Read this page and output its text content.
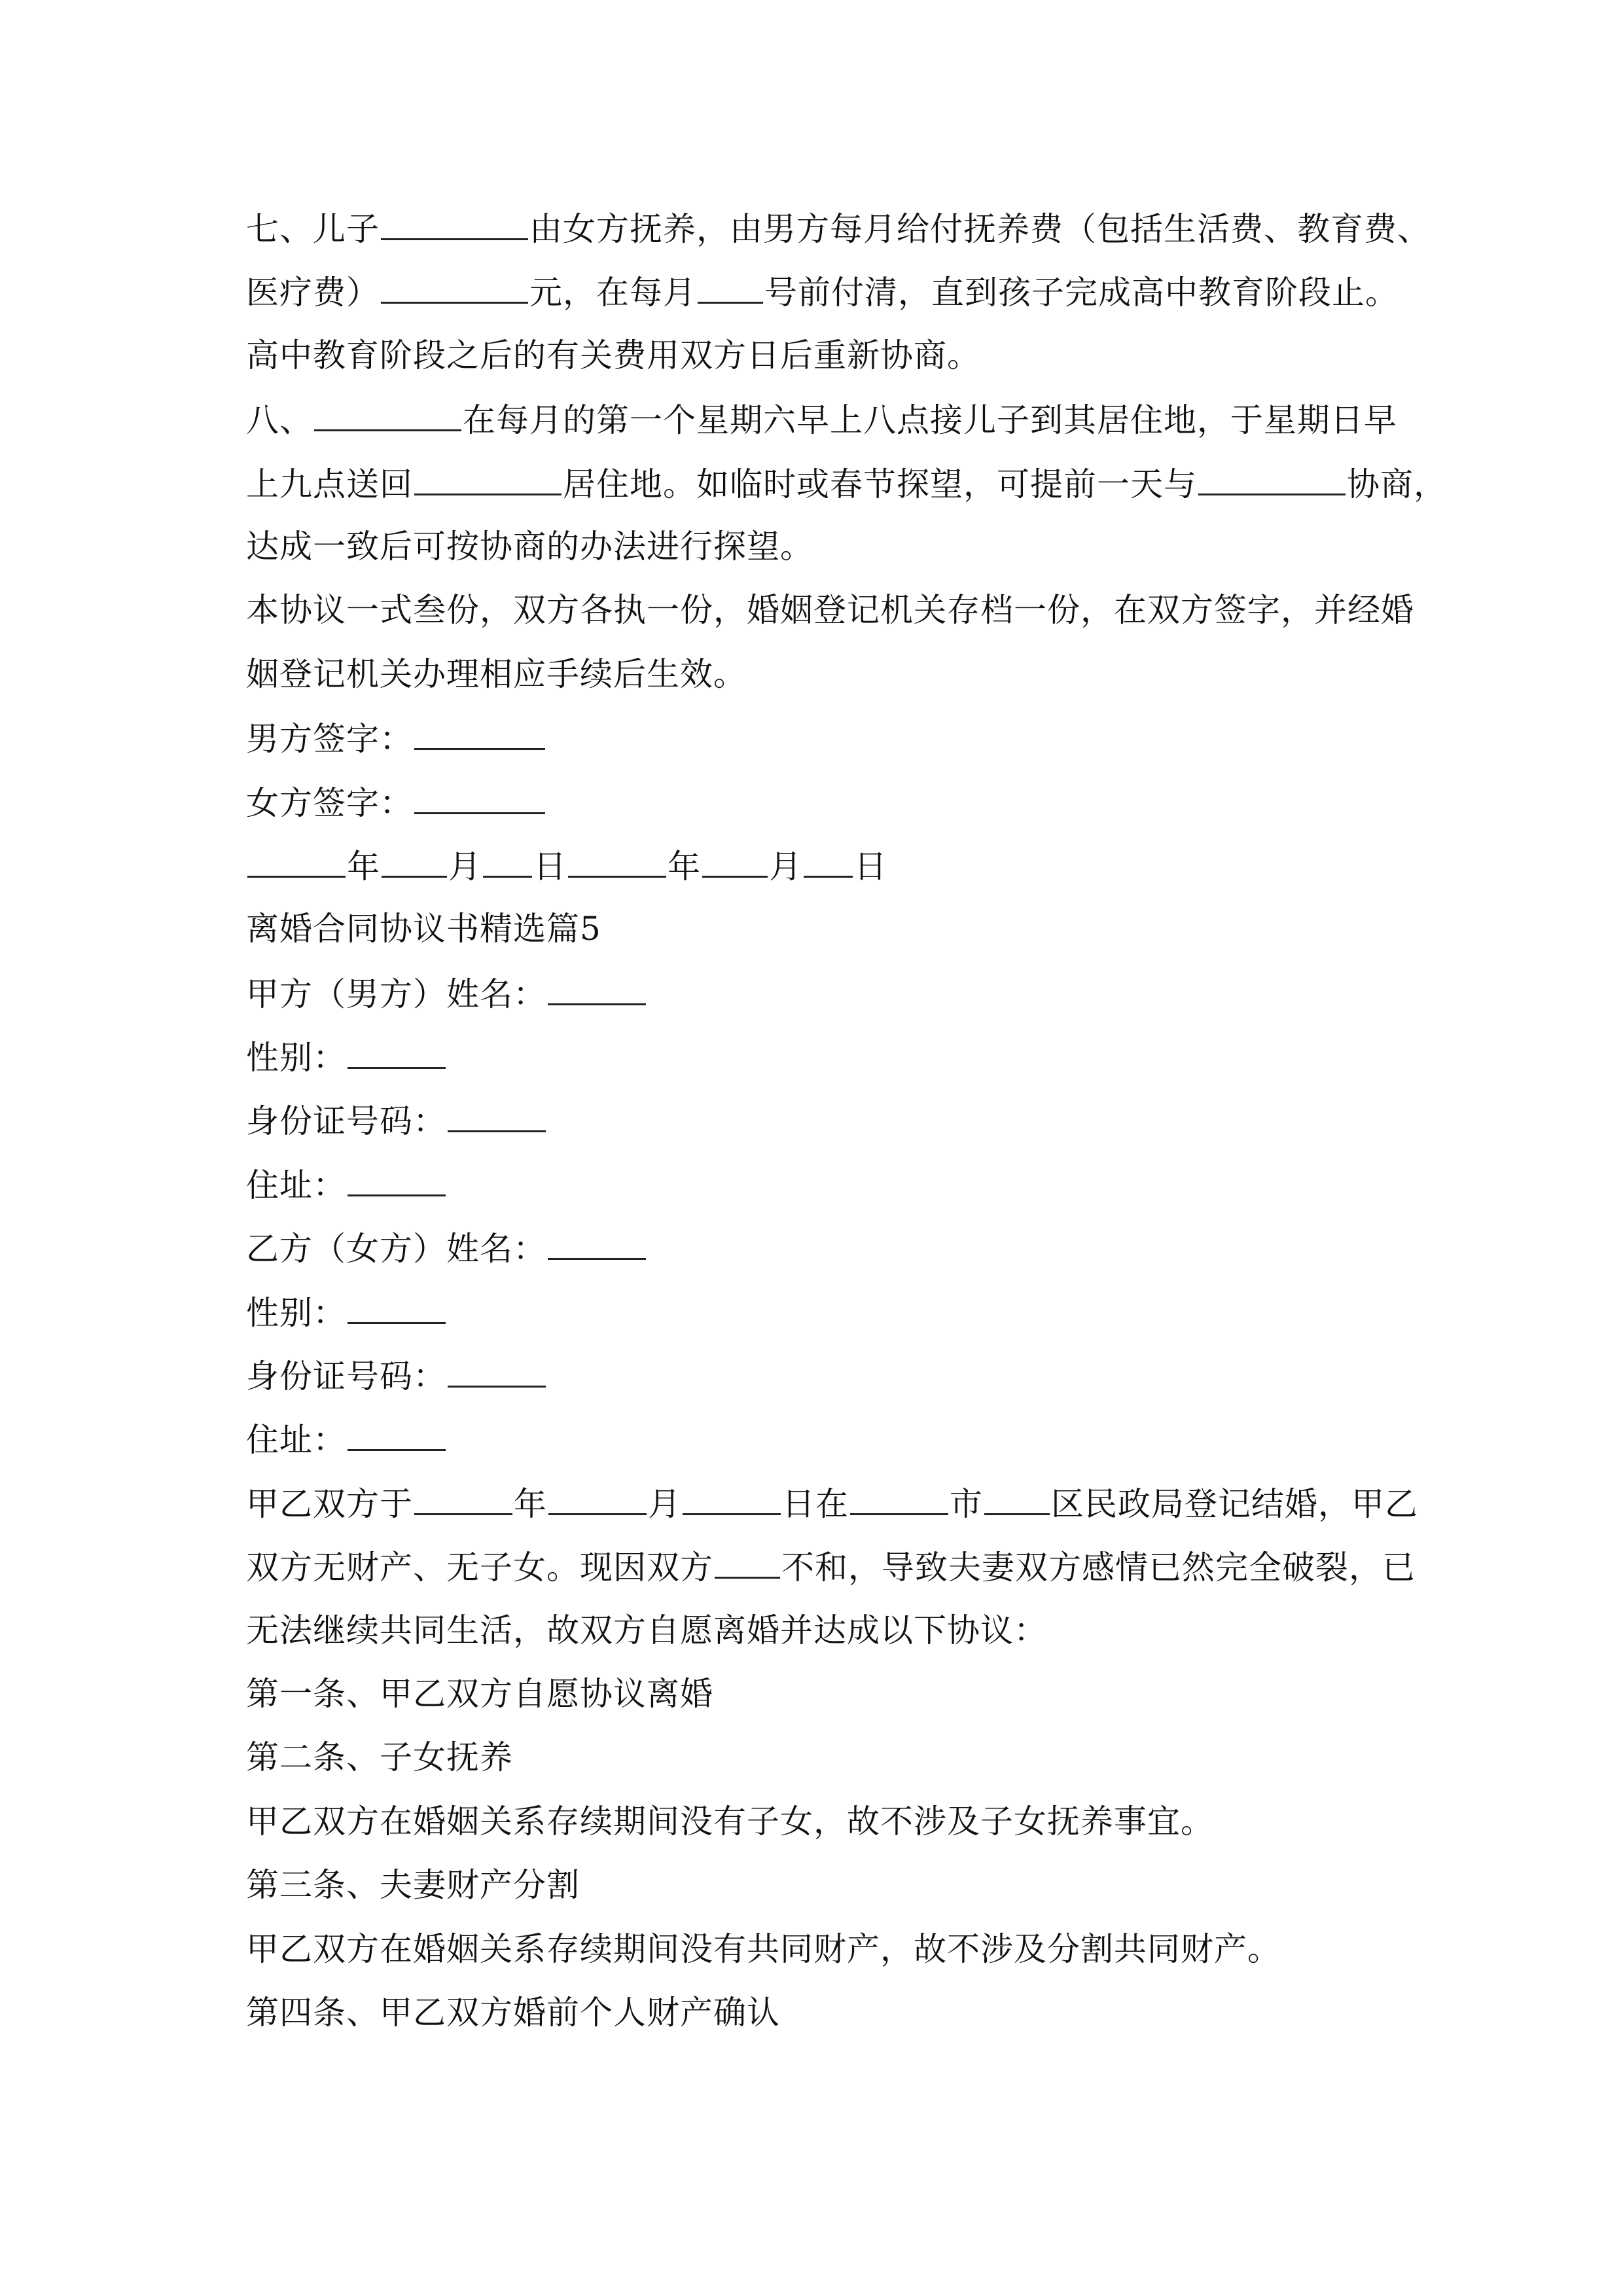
七、儿子	由女方抚养，由男方每月给付抚养费（包括生活费、教育费、
医疗费）	元，在每月 号前付清，直到孩子完成高中教育阶段止。
高中教育阶段之后的有关费用双方日后重新协商。
八、	在每月的第一个星期六早上八点接儿子到其居住地，于星期日早
上九点送回	居住地。如临时或春节探望，可提前一天与	协商，
达成一致后可按协商的办法进行探望。
本协议一式叁份，双方各执一份，婚姻登记机关存档一份，在双方签字，并经婚
姻登记机关办理相应手续后生效。
男方签字：
女方签字：
年 月 日	年 月 日
离婚合同协议书精选篇5
甲方（男方）姓名：
性别：
身份证号码：
住址：
乙方（女方）姓名：
性别：
身份证号码：
住址：
甲乙双方于	年	月	日在	市 区民政局登记结婚，甲乙
双方无财产、无子女。现因双方 不和，导致夫妻双方感情已然完全破裂，已
无法继续共同生活，故双方自愿离婚并达成以下协议：
第一条、甲乙双方自愿协议离婚
第二条、子女抚养
甲乙双方在婚姻关系存续期间没有子女，故不涉及子女抚养事宜。
第三条、夫妻财产分割
甲乙双方在婚姻关系存续期间没有共同财产，故不涉及分割共同财产。
第四条、甲乙双方婚前个人财产确认
